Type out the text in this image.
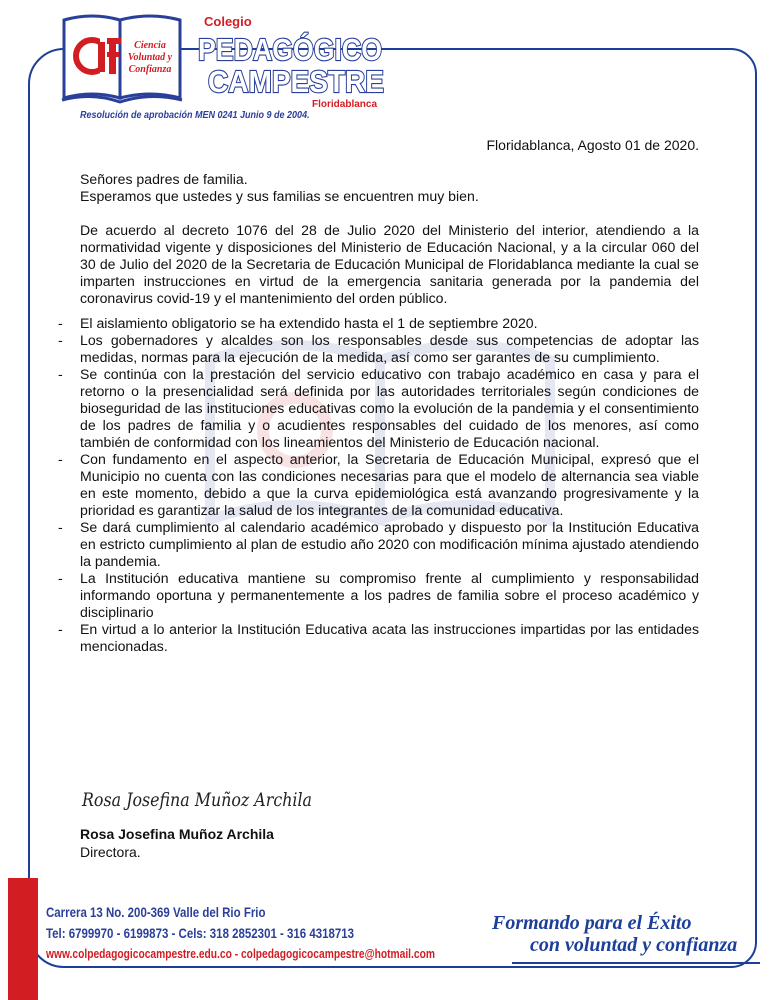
Ciencia
Voluntad y
Confianza
Colegio
PEDAGÓGICO
CAMPESTRE
Floridablanca
Resolución de aprobación MEN 0241 Junio 9 de 2004.
Floridablanca, Agosto 01 de 2020.

Señores padres de familia.

Esperamos que ustedes y sus familias se encuentren muy bien.

De acuerdo al decreto 1076 del 28 de Julio 2020 del Ministerio del interior, atendiendo a la normatividad vigente y disposiciones del Ministerio de Educación Nacional, y a la circular 060 del 30 de Julio del 2020 de la Secretaria de Educación Municipal de Floridablanca mediante la cual se imparten instrucciones en virtud de la emergencia sanitaria generada por la pandemia del coronavirus covid-19 y el mantenimiento del orden público.

- El aislamiento obligatorio se ha extendido hasta el 1 de septiembre 2020.
- Los gobernadores y alcaldes son los responsables desde sus competencias de adoptar las medidas, normas para la ejecución de la medida, así como ser garantes de su cumplimiento.
- Se continúa con la prestación del servicio educativo con trabajo académico en casa y para el retorno o la presencialidad será definida por las autoridades territoriales según condiciones de bioseguridad de las instituciones educativas como la evolución de la pandemia y el consentimiento de los padres de familia y o acudientes responsables del cuidado de los menores, así como también de conformidad con los lineamientos del Ministerio de Educación nacional.
- Con fundamento en el aspecto anterior, la Secretaria de Educación Municipal, expresó que el Municipio no cuenta con las condiciones necesarias para que el modelo de alternancia sea viable en este momento, debido a que la curva epidemiológica está avanzando progresivamente y la prioridad es garantizar la salud de los integrantes de la comunidad educativa.
- Se dará cumplimiento al calendario académico aprobado y dispuesto por la Institución Educativa en estricto cumplimiento al plan de estudio año 2020 con modificación mínima ajustado atendiendo la pandemia.
- La Institución educativa mantiene su compromiso frente al cumplimiento y responsabilidad informando oportuna y permanentemente a los padres de familia sobre el proceso académico y disciplinario
- En virtud a lo anterior la Institución Educativa acata las instrucciones impartidas por las entidades mencionadas.
Rosa Josefina Muñoz Archila
Rosa Josefina Muñoz Archila
Directora.
Carrera 13 No. 200-369 Valle del Rio Frio
Tel: 6799970 - 6199873 - Cels: 318 2852301 - 316 4318713
www.colpedagogicocampestre.edu.co - colpedagogicocampestre@hotmail.com
Formando para el Éxito
con voluntad y confianza
